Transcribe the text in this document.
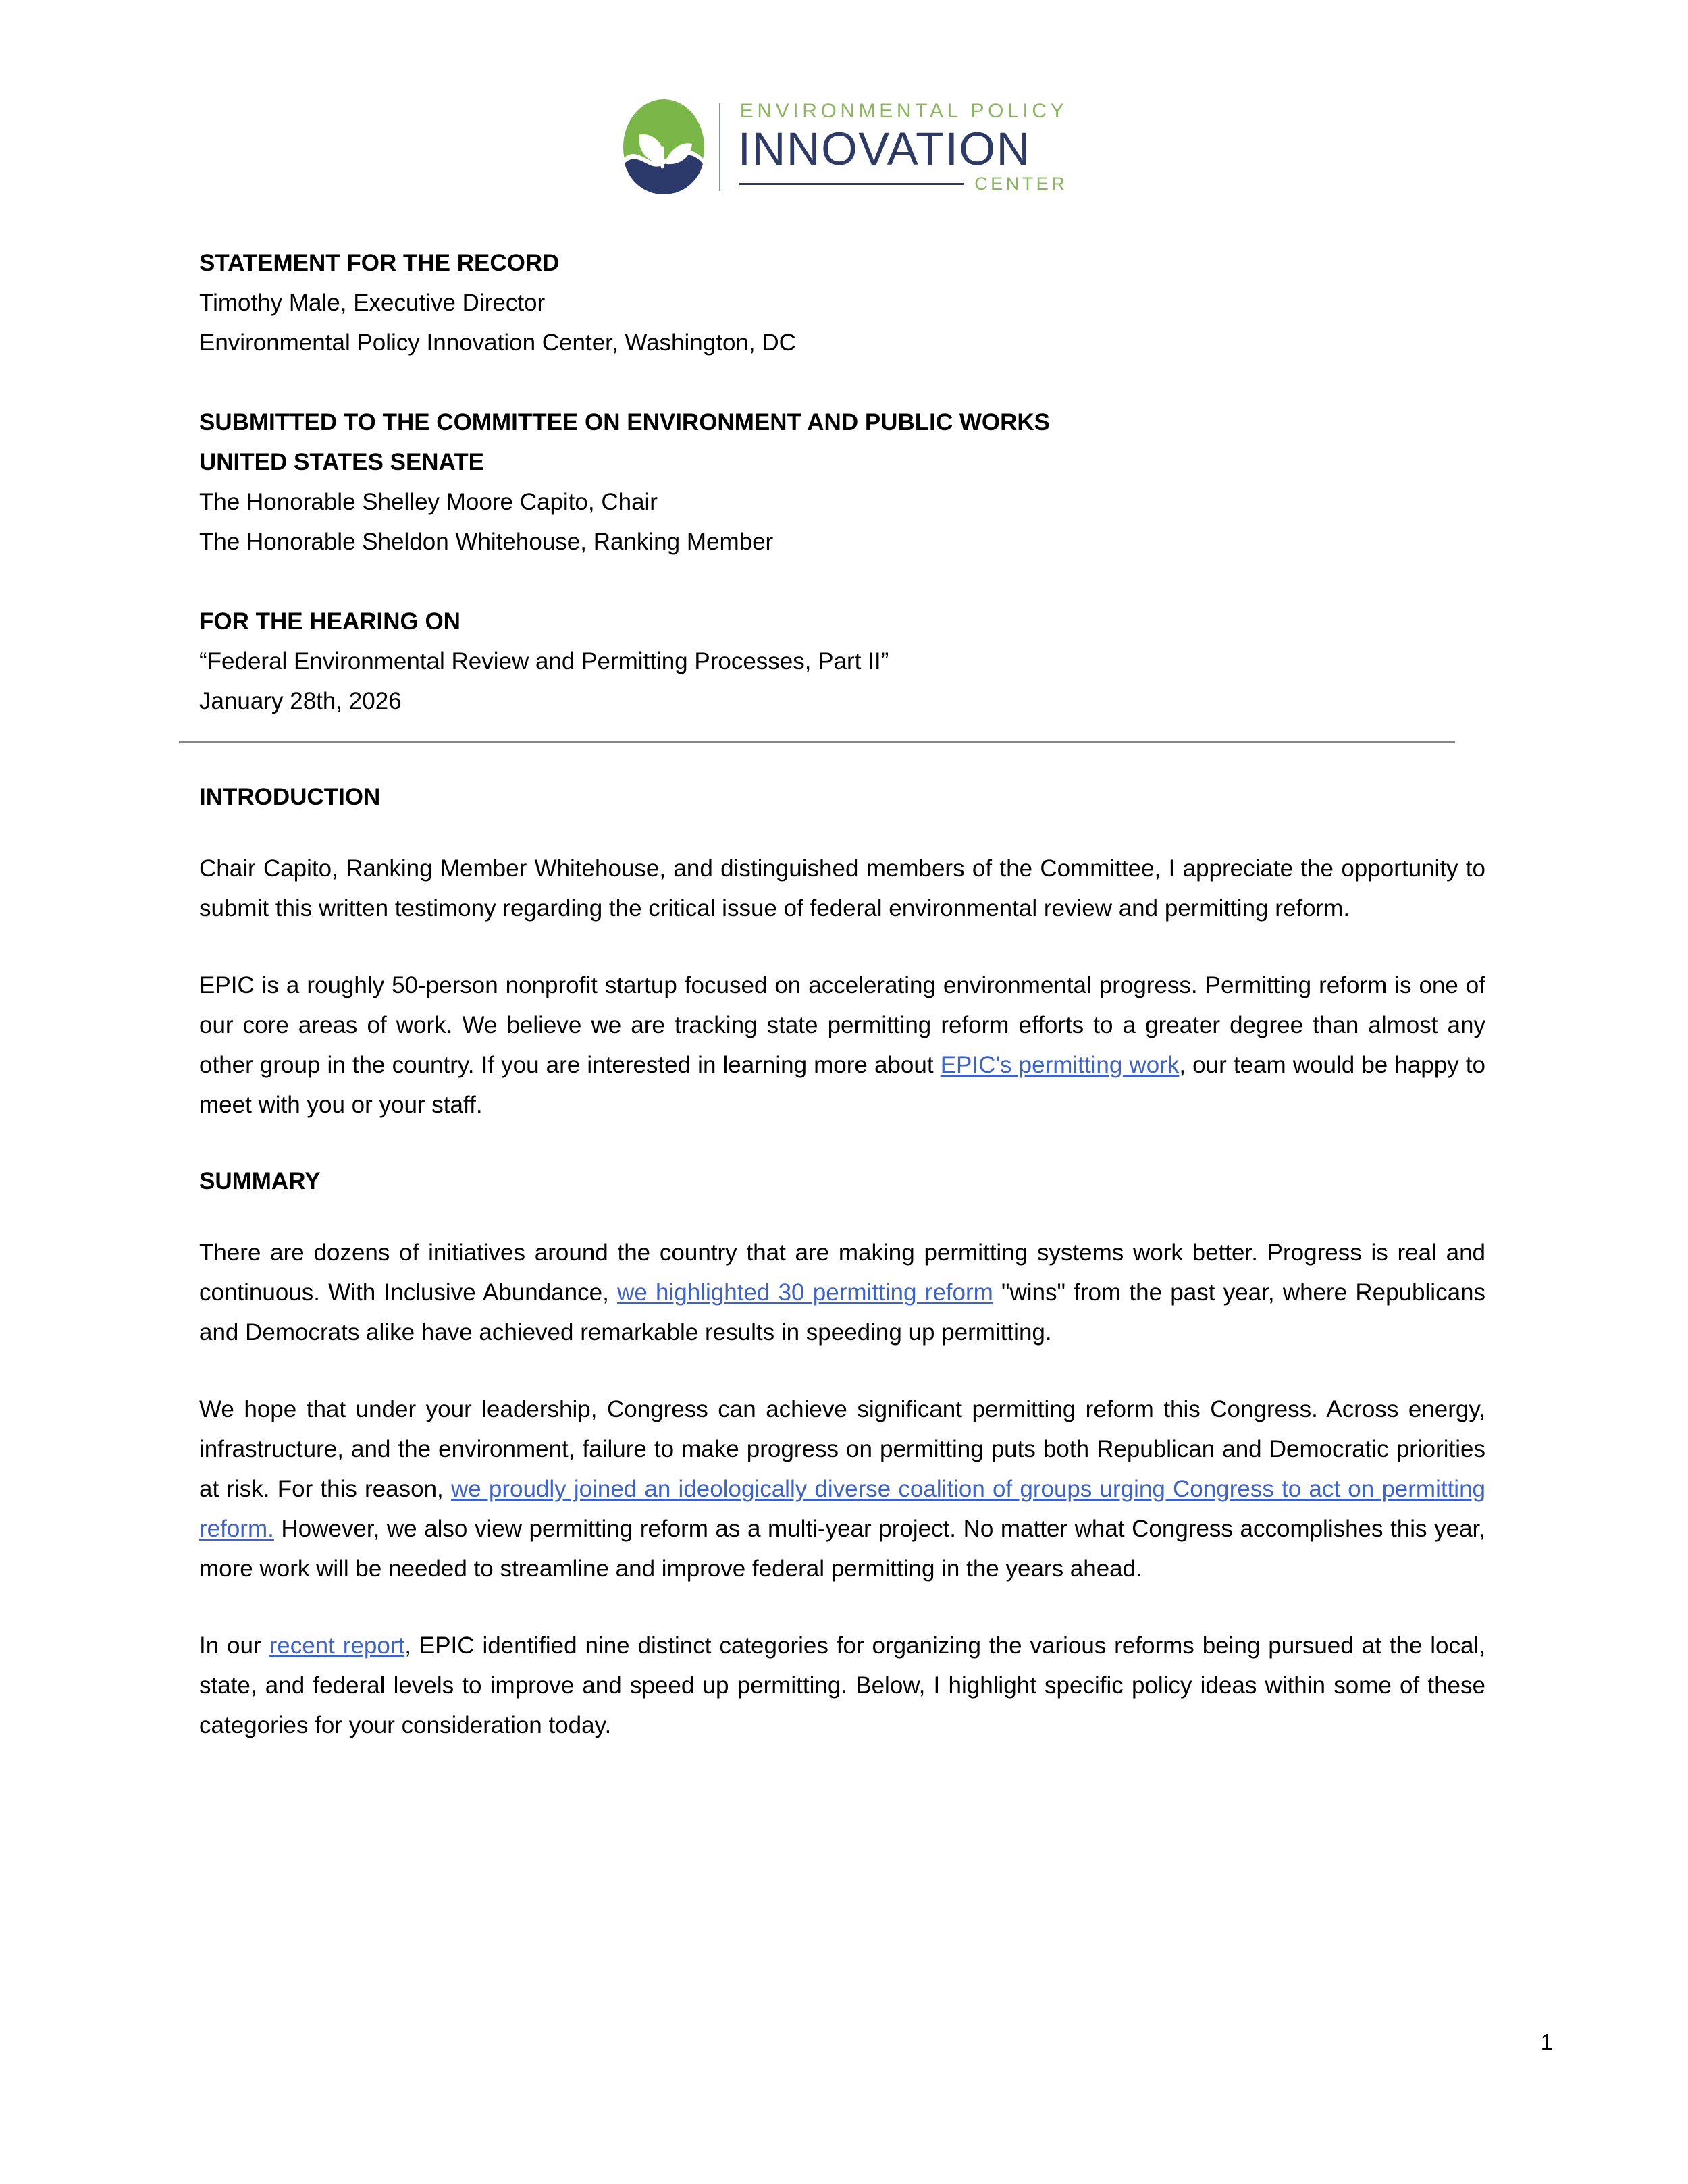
ENVIRONMENTAL POLICY
INNOVATION
CENTER
STATEMENT FOR THE RECORD
Timothy Male, Executive Director
Environmental Policy Innovation Center, Washington, DC
SUBMITTED TO THE COMMITTEE ON ENVIRONMENT AND PUBLIC WORKS
UNITED STATES SENATE
The Honorable Shelley Moore Capito, Chair
The Honorable Sheldon Whitehouse, Ranking Member
FOR THE HEARING ON
“Federal Environmental Review and Permitting Processes, Part II”
January 28th, 2026
INTRODUCTION

Chair Capito, Ranking Member Whitehouse, and distinguished members of the Committee, I appreciate the opportunity to submit this written testimony regarding the critical issue of federal environmental review and permitting reform.

EPIC is a roughly 50-person nonprofit startup focused on accelerating environmental progress. Permitting reform is one of our core areas of work. We believe we are tracking state permitting reform efforts to a greater degree than almost any other group in the country. If you are interested in learning more about EPIC's permitting work, our team would be happy to meet with you or your staff.

SUMMARY

There are dozens of initiatives around the country that are making permitting systems work better. Progress is real and continuous. With Inclusive Abundance, we highlighted 30 permitting reform "wins" from the past year, where Republicans and Democrats alike have achieved remarkable results in speeding up permitting.

We hope that under your leadership, Congress can achieve significant permitting reform this Congress. Across energy, infrastructure, and the environment, failure to make progress on permitting puts both Republican and Democratic priorities at risk. For this reason, we proudly joined an ideologically diverse coalition of groups urging Congress to act on permitting reform. However, we also view permitting reform as a multi-year project. No matter what Congress accomplishes this year, more work will be needed to streamline and improve federal permitting in the years ahead.

In our recent report, EPIC identified nine distinct categories for organizing the various reforms being pursued at the local, state, and federal levels to improve and speed up permitting. Below, I highlight specific policy ideas within some of these categories for your consideration today.

1
